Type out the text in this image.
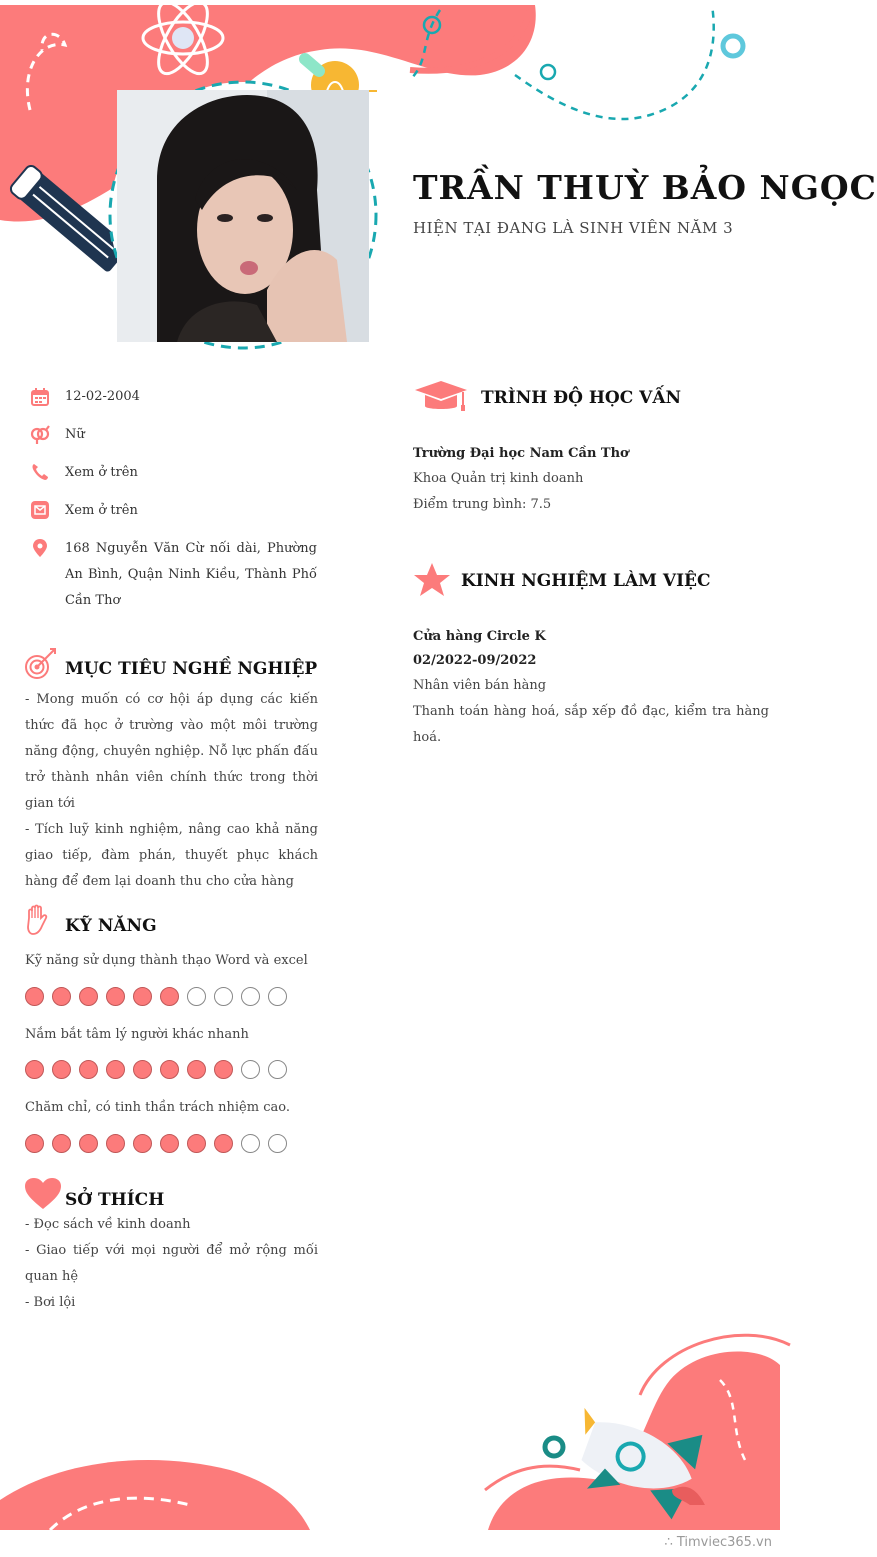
TRẦN THUỲ BẢO NGỌC
HIỆN TẠI ĐANG LÀ SINH VIÊN NĂM 3
12-02-2004
Nữ
Xem ở trên
Xem ở trên
168 Nguyễn Văn Cừ nối dài, Phường An Bình, Quận Ninh Kiều, Thành Phố Cần Thơ
MỤC TIÊU NGHỀ NGHIỆP
- Mong muốn có cơ hội áp dụng các kiến thức đã học ở trường vào một môi trường năng động, chuyên nghiệp. Nỗ lực phấn đấu trở thành nhân viên chính thức trong thời gian tới
- Tích luỹ kinh nghiệm, nâng cao khả năng giao tiếp, đàm phán, thuyết phục khách hàng để đem lại doanh thu cho cửa hàng
KỸ NĂNG
Kỹ năng sử dụng thành thạo Word và excel
Nắm bắt tâm lý người khác nhanh
Chăm chỉ, có tinh thần trách nhiệm cao.
SỞ THÍCH
- Đọc sách về kinh doanh
- Giao tiếp với mọi người để mở rộng mối quan hệ
- Bơi lội
TRÌNH ĐỘ HỌC VẤN
Trường Đại học Nam Cần Thơ
Khoa Quản trị kinh doanh
Điểm trung bình: 7.5
KINH NGHIỆM LÀM VIỆC
Cửa hàng Circle K
02/2022-09/2022
Nhân viên bán hàng
Thanh toán hàng hoá, sắp xếp đồ đạc, kiểm tra hàng hoá.
∴ Timviec365.vn
